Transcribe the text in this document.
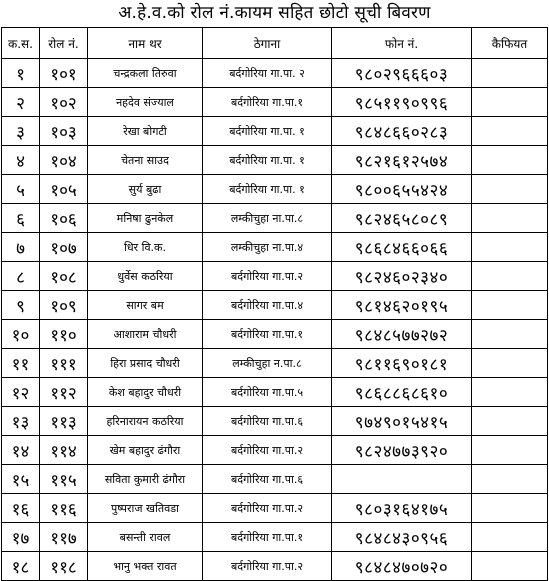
अ.हे.व.को रोल नं.कायम सहित छोटो सूची बिवरण
क.स.	रोल नं.	नाम थर	ठेगाना	फोन नं.	कैफियत
१	१०१	चन्द्रकला तिरुवा	बर्दगोरिया गा.पा. २	९८०२९६६६०३	
२	१०२	नहदेव संज्याल	बर्दगोरिया गा.पा.१	९८५११९०९९६	
३	१०३	रेखा बोगटी	बर्दगोरिया गा.पा. १	९८४८६६०२८३	
४	१०४	चेतना साउद	बर्दगोरिया गा.पा. १	९८२१६१२५७४	
५	१०५	सुर्य बुढा	बर्दगोरिया गा.पा. १	९८००६५५४२४	
६	१०६	मनिषा ढुनकेल	लम्कीचुहा ना.पा.८	९८२४६५८०८९	
७	१०७	धिर वि.क.	लम्कीचुहा ना.पा.४	९८६८४६६०६६	
८	१०८	धुर्वेस कठरिया	बर्दगोरिया गा.पा.२	९८२४६०२३४०	
९	१०९	सागर बम	बर्दगोरिया गा.पा.४	९८१४६२०१९५	
१०	११०	आशाराम चौधरी	बर्दगोरिया गा.पा.१	९८४८५७७२७२	
११	१११	हिरा प्रसाद चौधरी	लम्कीचुहा न.पा.८	९८११६९०१८१	
१२	११२	केश बहादुर चौधरी	बर्दगोरिया गा.पा.५	९८६८८६८६१०	
१३	११३	हरिनारायन कठरिया	बर्दगोरिया गा.पा.६	९७४९०१५४१५	
१४	११४	खेम बहादुर ढंगौरा	बर्दगोरिया गा.पा.२	९८२४७७३९२०	
१५	११५	सविता कुमारी ढंगौरा	बर्दगोरिया गा.पा.६		
१६	११६	पुष्पराज खतिवडा	बर्दगोरिया गा.पा.२	९८०३१६४१७५	
१७	११७	बसन्ती रावल	बर्दगोरिया गा.पा.१	९८४८४३०९५६	
१८	११८	भानु भक्त रावत	बर्दगोरिया गा.पा.२	९८४८४७०७२०	
